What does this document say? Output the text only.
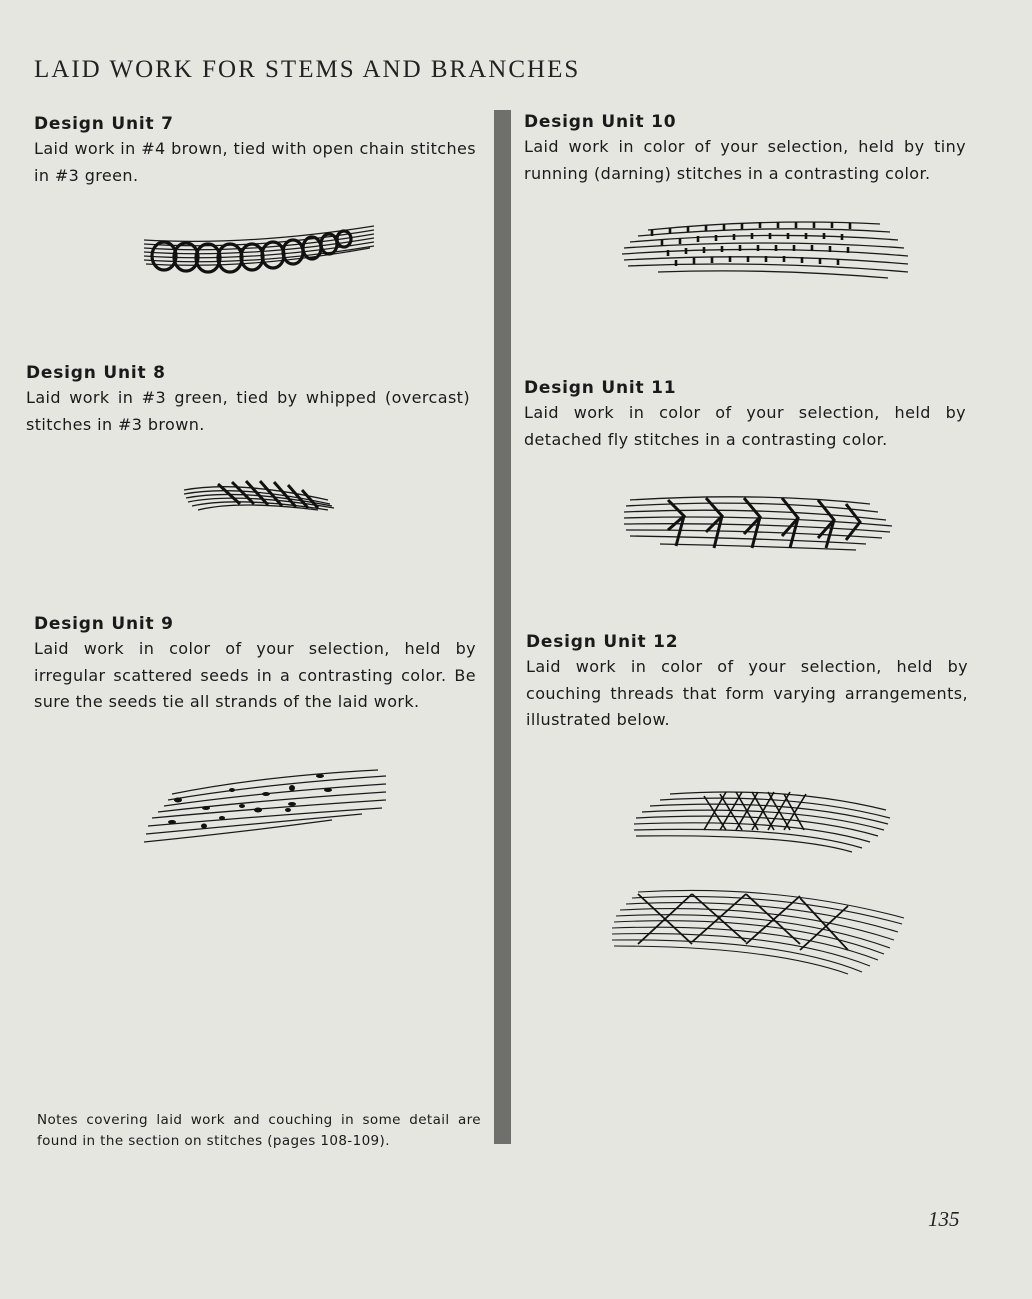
LAID WORK FOR STEMS AND BRANCHES
Design Unit 7

Laid work in #4 brown, tied with open chain stitches in #3 green.

Design Unit 8

Laid work in #3 green, tied by whipped (overcast) stitches in #3 brown.

Design Unit 9

Laid work in color of your selection, held by irregular scattered seeds in a contrasting color. Be sure the seeds tie all strands of the laid work.

Design Unit 10

Laid work in color of your selection, held by tiny running (darning) stitches in a contrasting color.

Design Unit 11

Laid work in color of your selection, held by detached fly stitches in a contrasting color.

Design Unit 12

Laid work in color of your selection, held by couching threads that form varying arrangements, illustrated below.

Notes covering laid work and couching in some detail are found in the section on stitches (pages 108-109).
135
